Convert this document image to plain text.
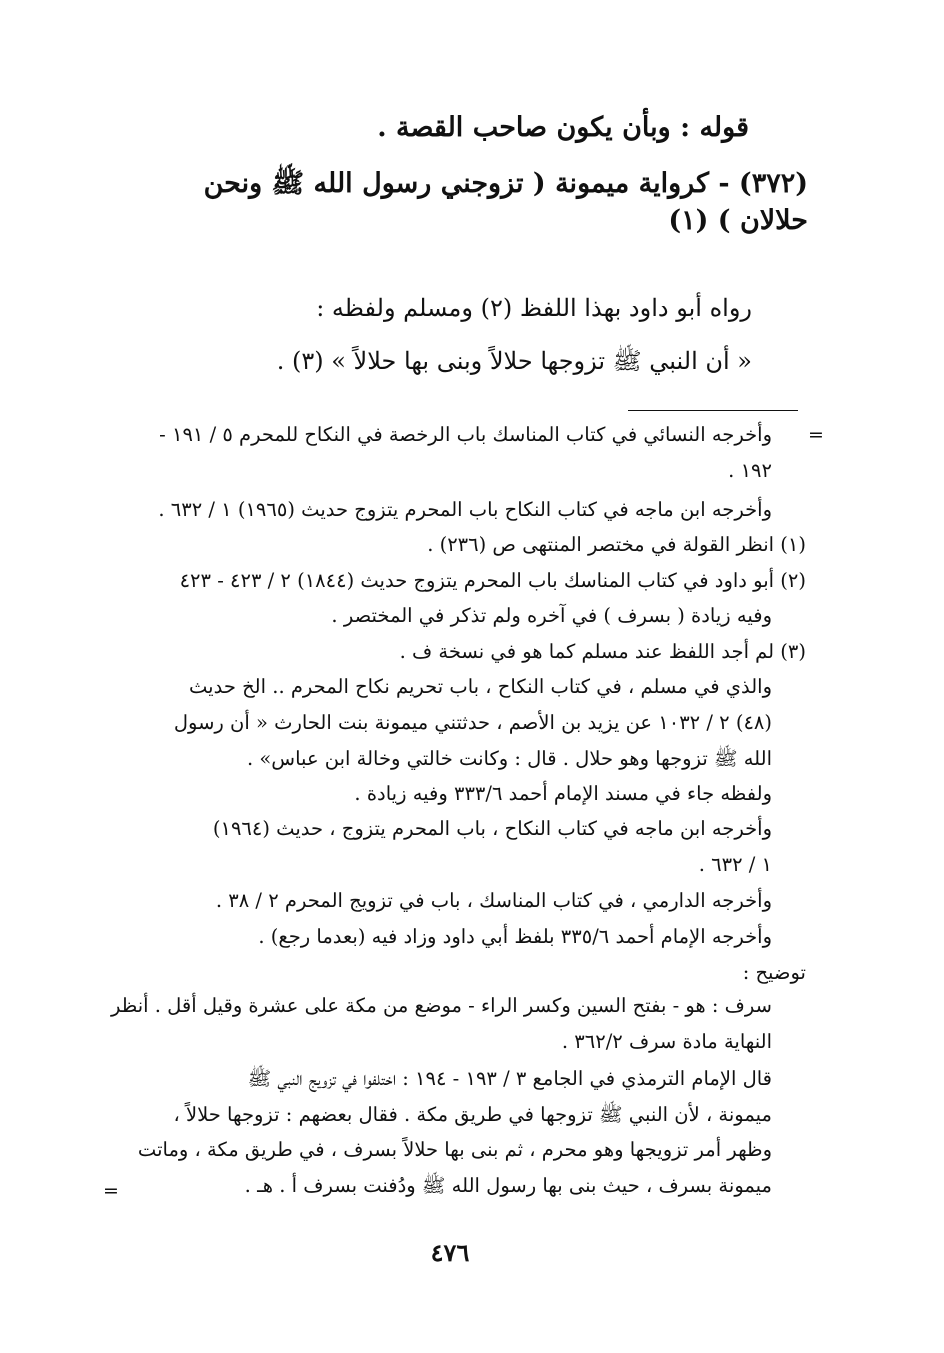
قوله : وبأن يكون صاحب القصة .
(٣٧٢) - كرواية ميمونة ( تزوجني رسول الله ﷺ ونحن
حلالان ) (١)
رواه أبو داود بهذا اللفظ (٢) ومسلم ولفظه :
« أن النبي ﷺ تزوجها حلالاً وبنى بها حلالاً » (٣) .
=
وأخرجه النسائي في كتاب المناسك باب الرخصة في النكاح للمحرم ٥ / ١٩١ -
١٩٢ .
وأخرجه ابن ماجه في كتاب النكاح باب المحرم يتزوج حديث (١٩٦٥) ١ / ٦٣٢ .
(١) انظر القولة في مختصر المنتهى ص (٢٣٦) .
(٢) أبو داود في كتاب المناسك باب المحرم يتزوج حديث (١٨٤٤) ٢ / ٤٢٣ - ٤٢٣
وفيه زيادة ( بسرف ) في آخره ولم تذكر في المختصر .
(٣) لم أجد اللفظ عند مسلم كما هو في نسخة ف .
والذي في مسلم ، في كتاب النكاح ، باب تحريم نكاح المحرم .. الخ حديث
(٤٨) ٢ / ١٠٣٢ عن يزيد بن الأصم ، حدثتني ميمونة بنت الحارث « أن رسول
الله ﷺ تزوجها وهو حلال . قال : وكانت خالتي وخالة ابن عباس» .
ولفظه جاء في مسند الإمام أحمد ٣٣٣/٦ وفيه زيادة .
وأخرجه ابن ماجه في كتاب النكاح ، باب المحرم يتزوج ، حديث (١٩٦٤)
١ / ٦٣٢ .
وأخرجه الدارمي ، في كتاب المناسك ، باب في تزويج المحرم ٢ / ٣٨ .
وأخرجه الإمام أحمد ٣٣٥/٦ بلفظ أبي داود وزاد فيه (بعدما رجع) .
توضيح :
سرف : هو - بفتح السين وكسر الراء - موضع من مكة على عشرة وقيل أقل . أنظر
النهاية مادة سرف ٣٦٢/٢ .
قال الإمام الترمذي في الجامع ٣ / ١٩٣ - ١٩٤ : اختلفوا في تزويج النبي ﷺ
ميمونة ، لأن النبي ﷺ تزوجها في طريق مكة . فقال بعضهم : تزوجها حلالاً ،
وظهر أمر تزويجها وهو محرم ، ثم بنى بها حلالاً بسرف ، في طريق مكة ، وماتت
ميمونة بسرف ، حيث بنى بها رسول الله ﷺ ودُفنت بسرف أ . هـ .
=
٤٧٦
